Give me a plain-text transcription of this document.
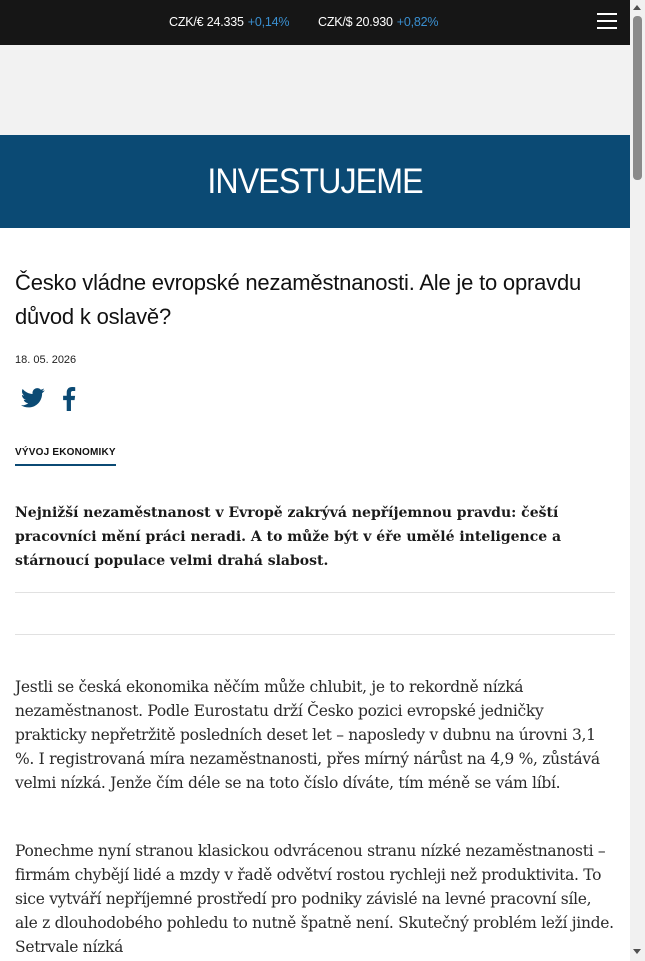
CZK/€ 24.335 +0,14% CZK/$ 20.930 +0,82%
INVESTUJEME
Česko vládne evropské nezaměstnanosti. Ale je to opravdu důvod k oslavě?
18. 05. 2026
VÝVOJ EKONOMIKY

Nejnižší nezaměstnanost v Evropě zakrývá nepříjemnou pravdu: čeští pracovníci mění práci neradi. A to může být v éře umělé inteligence a stárnoucí populace velmi drahá slabost.

Jestli se česká ekonomika něčím může chlubit, je to rekordně nízká nezaměstnanost. Podle Eurostatu drží Česko pozici evropské jedničky prakticky nepřetržitě posledních deset let – naposledy v dubnu na úrovni 3,1 %. I registrovaná míra nezaměstnanosti, přes mírný nárůst na 4,9 %, zůstává velmi nízká. Jenže čím déle se na toto číslo díváte, tím méně se vám líbí.

Ponechme nyní stranou klasickou odvrácenou stranu nízké nezaměstnanosti – firmám chybějí lidé a mzdy v řadě odvětví rostou rychleji než produktivita. To sice vytváří nepříjemné prostředí pro podniky závislé na levné pracovní síle, ale z dlouhodobého pohledu to nutně špatně není. Skutečný problém leží jinde. Setrvale nízká
